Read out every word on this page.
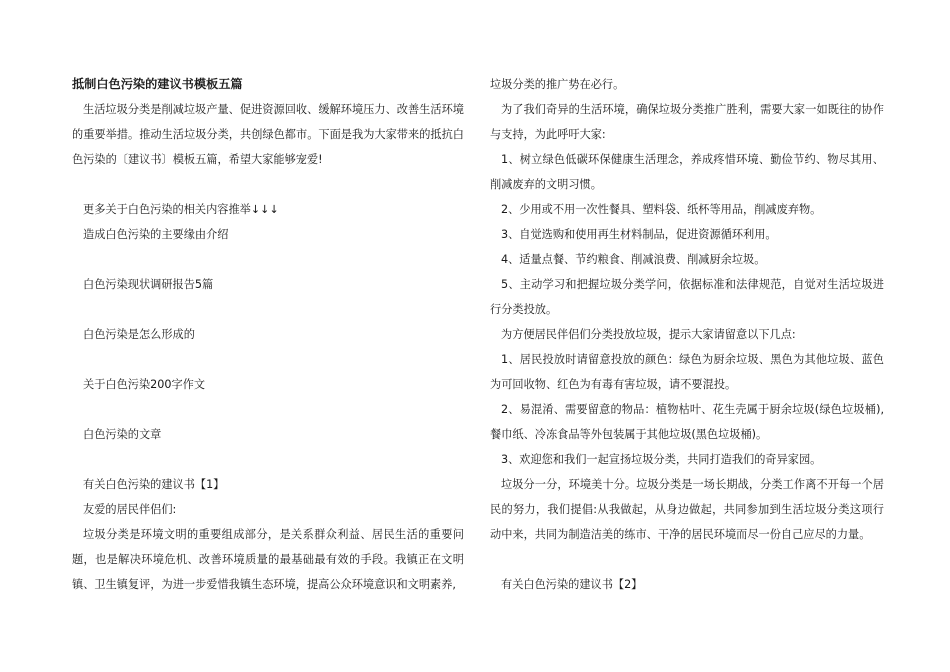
抵制白色污染的建议书模板五篇

生活垃圾分类是削减垃圾产量、促进资源回收、缓解环境压力、改善生活环境的重要举措。推动生活垃圾分类，共创绿色都市。下面是我为大家带来的抵抗白色污染的〔建议书〕模板五篇，希望大家能够宠爱!

更多关于白色污染的相关内容推举↓↓↓

造成白色污染的主要缘由介绍

白色污染现状调研报告5篇

白色污染是怎么形成的

关于白色污染200字作文

白色污染的文章

有关白色污染的建议书【1】

友爱的居民伴侣们:

垃圾分类是环境文明的重要组成部分，是关系群众利益、居民生活的重要问题，也是解决环境危机、改善环境质量的最基础最有效的手段。我镇正在文明镇、卫生镇复评，为进一步爱惜我镇生态环境，提高公众环境意识和文明素养,

垃圾分类的推广势在必行。

为了我们奇异的生活环境，确保垃圾分类推广胜利，需要大家一如既往的协作与支持，为此呼吁大家:

1、树立绿色低碳环保健康生活理念，养成疼惜环境、勤俭节约、物尽其用、削减废弃的文明习惯。

2、少用或不用一次性餐具、塑料袋、纸杯等用品，削减废弃物。

3、自觉选购和使用再生材料制品，促进资源循环利用。

4、适量点餐、节约粮食、削减浪费、削减厨余垃圾。

5、主动学习和把握垃圾分类学问，依据标准和法律规范，自觉对生活垃圾进行分类投放。

为方便居民伴侣们分类投放垃圾，提示大家请留意以下几点:

1、居民投放时请留意投放的颜色：绿色为厨余垃圾、黑色为其他垃圾、蓝色为可回收物、红色为有毒有害垃圾，请不要混投。

2、易混淆、需要留意的物品：植物枯叶、花生壳属于厨余垃圾(绿色垃圾桶),餐巾纸、冷冻食品等外包装属于其他垃圾(黑色垃圾桶)。

3、欢迎您和我们一起宣扬垃圾分类，共同打造我们的奇异家园。

垃圾分一分，环境美十分。垃圾分类是一场长期战，分类工作离不开每一个居民的努力，我们提倡:从我做起，从身边做起，共同参加到生活垃圾分类这项行动中来，共同为制造洁美的练市、干净的居民环境而尽一份自己应尽的力量。

有关白色污染的建议书【2】
